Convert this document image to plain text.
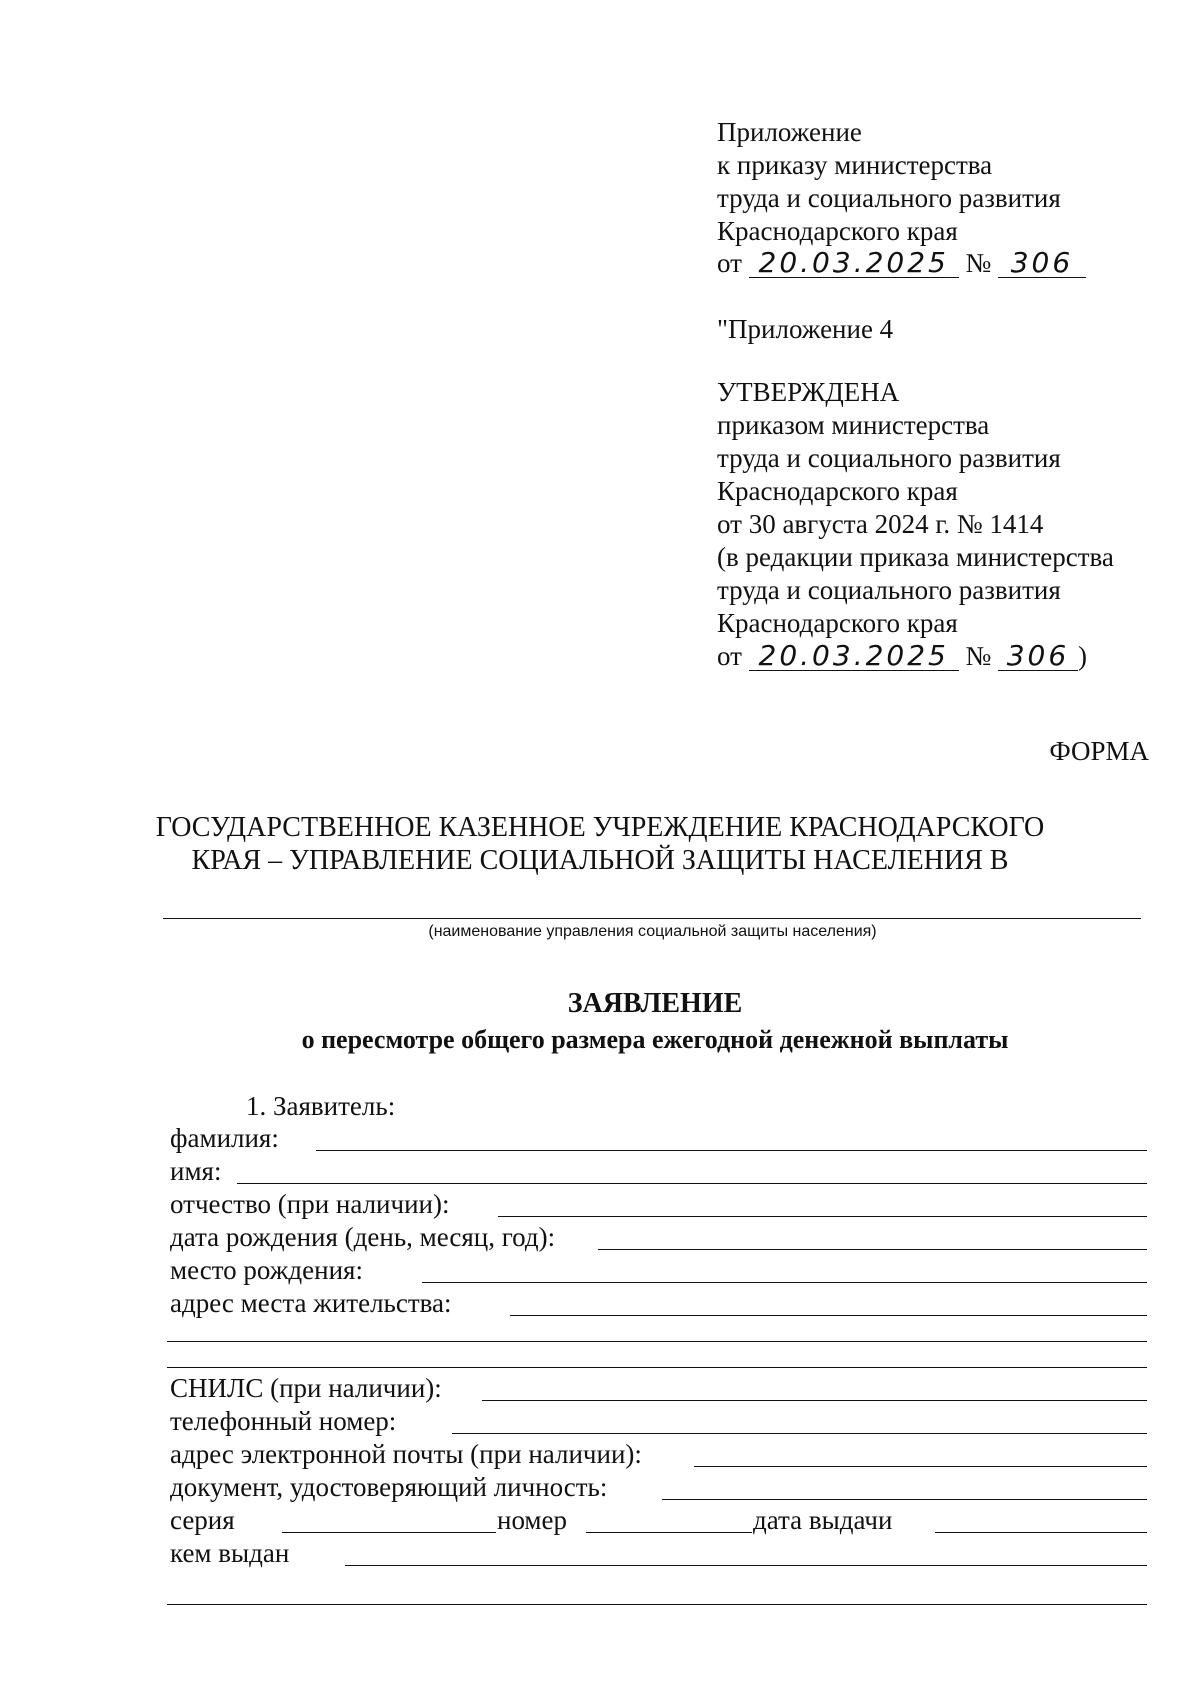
Приложение
к приказу министерства
труда и социального развития
Краснодарского края
от 20.03.2025 № 306
"Приложение 4
УТВЕРЖДЕНА
приказом министерства
труда и социального развития
Краснодарского края
от 30 августа 2024 г. № 1414
(в редакции приказа министерства
труда и социального развития
Краснодарского края
от 20.03.2025 № 306 )
ФОРМА
ГОСУДАРСТВЕННОЕ КАЗЕННОЕ УЧРЕЖДЕНИЕ КРАСНОДАРСКОГО
КРАЯ – УПРАВЛЕНИЕ СОЦИАЛЬНОЙ ЗАЩИТЫ НАСЕЛЕНИЯ В
(наименование управления социальной защиты населения)
ЗАЯВЛЕНИЕ
о пересмотре общего размера ежегодной денежной выплаты
1. Заявитель:
фамилия:
имя:
отчество (при наличии):
дата рождения (день, месяц, год):
место рождения:
адрес места жительства:
СНИЛС (при наличии):
телефонный номер:
адрес электронной почты (при наличии):
документ, удостоверяющий личность:
серия	номер	дата выдачи
кем выдан
